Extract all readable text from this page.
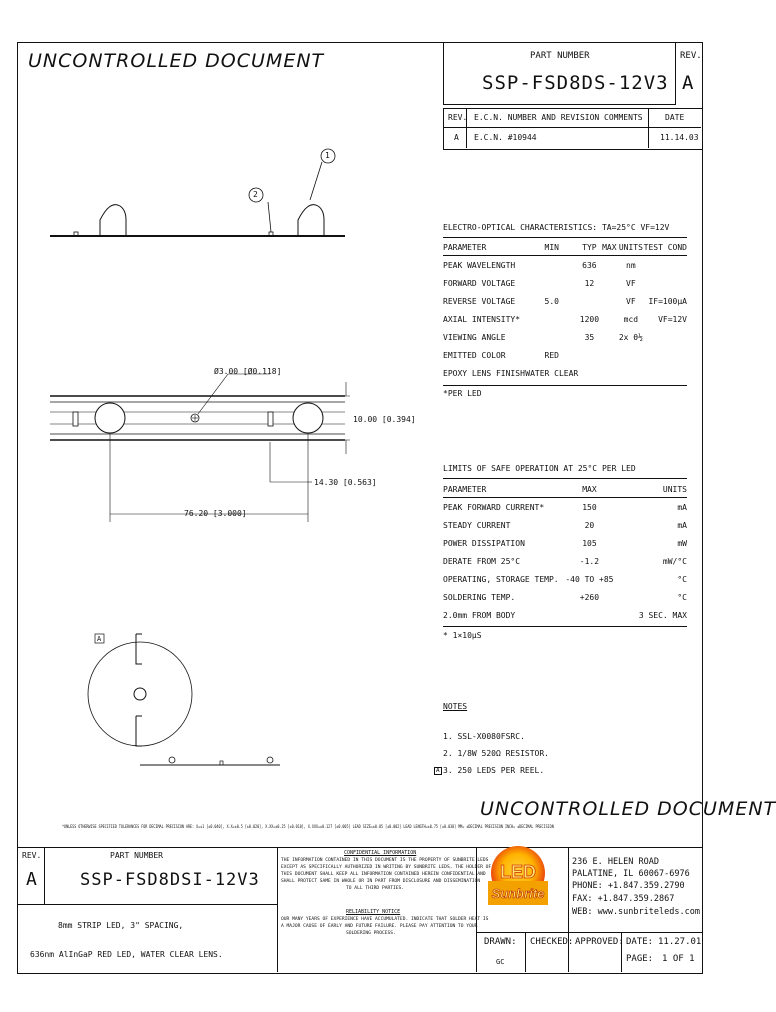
UNCONTROLLED DOCUMENT	PART NUMBER
SSP-FSD8DS-12V3
REV.
A
REV. E.C.N. NUMBER AND REVISION COMMENTS	DATE
A E.C.N. #10944	11.14.03
1
2
Ø3.00 [Ø0.118]
10.00 [0.394]
14.30 [0.563]
76.20 [3.000]
A
ELECTRO-OPTICAL CHARACTERISTICS: TA=25°C VF=12V
PARAMETER	MIN	TYP	MAX	UNITS	TEST COND
PEAK WAVELENGTH		636		nm	
FORWARD VOLTAGE		12		VF	
REVERSE VOLTAGE	5.0			VF	IF=100μA
AXIAL INTENSITY*		1200		mcd	VF=12V
VIEWING ANGLE		35		2x θ½	
EMITTED COLOR	RED				
EPOXY LENS FINISH	WATER CLEAR				
*PER LED
LIMITS OF SAFE OPERATION AT 25°C PER LED
PARAMETER	MAX	UNITS
PEAK FORWARD CURRENT*	150	mA
STEADY CURRENT	20	mA
POWER DISSIPATION	105	mW
DERATE FROM 25°C	-1.2	mW/°C
OPERATING, STORAGE TEMP.	-40 TO +85	°C
SOLDERING TEMP.	+260	°C
2.0mm FROM BODY		3 SEC. MAX
* 1×10μS
NOTES
1. SSL-X0080FSRC.
2. 1/8W 520Ω RESISTOR.
A 3. 250 LEDS PER REEL.
UNCONTROLLED DOCUMENT
*UNLESS OTHERWISE SPECIFIED TOLERANCES FOR DECIMAL PRECISION ARE: X=±1 [±0.040], X.X=±0.5 [±0.020], X.XX=±0.25 [±0.010], X.XXX=±0.127 [±0.005] LEAD SIZE=±0.05 [±0.002] LEAD LENGTH=±0.75 [±0.030] MM= ±DECIMAL PRECISION INCH= ±DECIMAL PRECISION
REV.
A
PART NUMBER
SSP-FSD8DSI-12V3
8mm STRIP LED, 3" SPACING,
636nm AlInGaP RED LED, WATER CLEAR LENS.
CONFIDENTIAL INFORMATION
THE INFORMATION CONTAINED IN THIS DOCUMENT IS THE PROPERTY OF SUNBRITE LEDS
EXCEPT AS SPECIFICALLY AUTHORIZED IN WRITING BY SUNBRITE LEDS, THE HOLDER OF
THIS DOCUMENT SHALL KEEP ALL INFORMATION CONTAINED HEREIN CONFIDENTIAL AND
SHALL PROTECT SAME IN WHOLE OR IN PART FROM DISCLOSURE AND DISSEMINATION
TO ALL THIRD PARTIES.
RELIABILITY NOTICE
OUR MANY YEARS OF EXPERIENCE HAVE ACCUMULATED. INDICATE THAT SOLDER HEAT IS
A MAJOR CAUSE OF EARLY AND FUTURE FAILURE. PLEASE PAY ATTENTION TO YOUR
SOLDERING PROCESS.
LED
Sunbrite
236 E. HELEN ROAD
PALATINE, IL 60067-6976
PHONE: +1.847.359.2790
FAX: +1.847.359.2867
WEB: www.sunbriteleds.com
DRAWN:
GC
CHECKED: APPROVED: DATE: 11.27.01
PAGE: 1 OF 1
